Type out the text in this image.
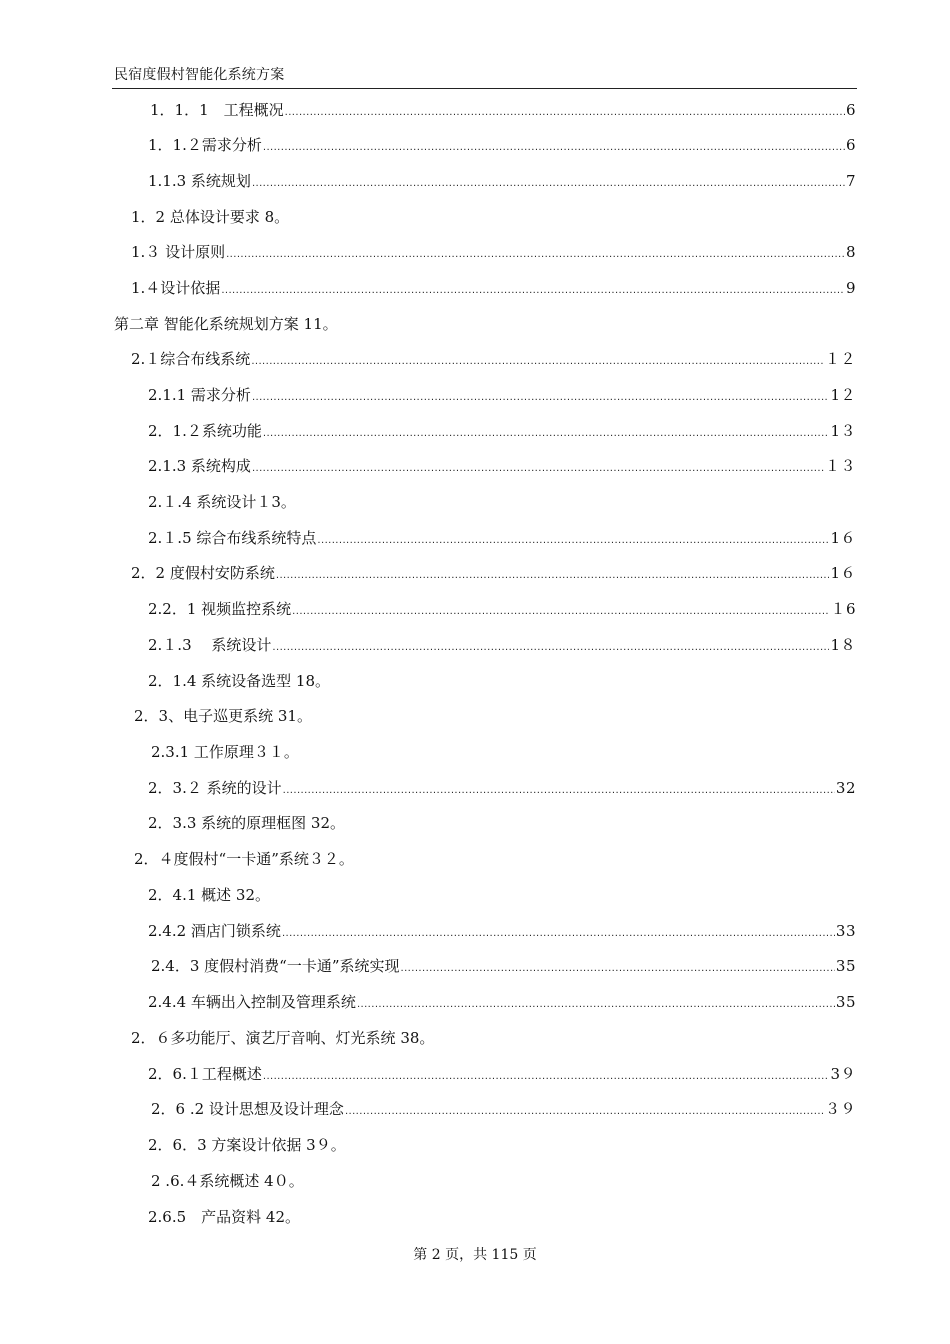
民宿度假村智能化系统方案
1．1．1　工程概况 .....	6
1．1.２需求分析 .....	6
1.1.3 系统规划 .....	7
1．2 总体设计要求 8。
1.３ 设计原则 .....	8
1.４设计依据 .....	9
第二章 智能化系统规划方案 11。
2.１综合布线系统 .....	１２
2.1.1 需求分析 .....	1２
2．1.２系统功能 .....	1３
2.1.3 系统构成 .....	１３
2.１.4 系统设计１3。
2.１.5 综合布线系统特点 .....	1６
2．2 度假村安防系统 .....	1６
2.2．1 视频监控系统 .....	１6
2.１.3　 系统设计 .....	1８
2．1.4 系统设备选型 18。
2．3、电子巡更系统 31。
2.3.1 工作原理３１。
2．3.２ 系统的设计 .....	32
2．3.3 系统的原理框图 32。
2．４度假村“一卡通”系统３２。
2．4.1 概述 32。
2.4.2 酒店门锁系统 .....	33
2.4．3 度假村消费“一卡通”系统实现 .....	35
2.4.4 车辆出入控制及管理系统 .....	35
2．６多功能厅、演艺厅音响、灯光系统 38。
2．6.１工程概述 .....	3９
2．6 .2 设计思想及设计理念 .....	３９
2．6．3 方案设计依据 3９。
2 .6.４系统概述 4０。
2.6.5　产品资料 42。
第 2 页，共 115 页
